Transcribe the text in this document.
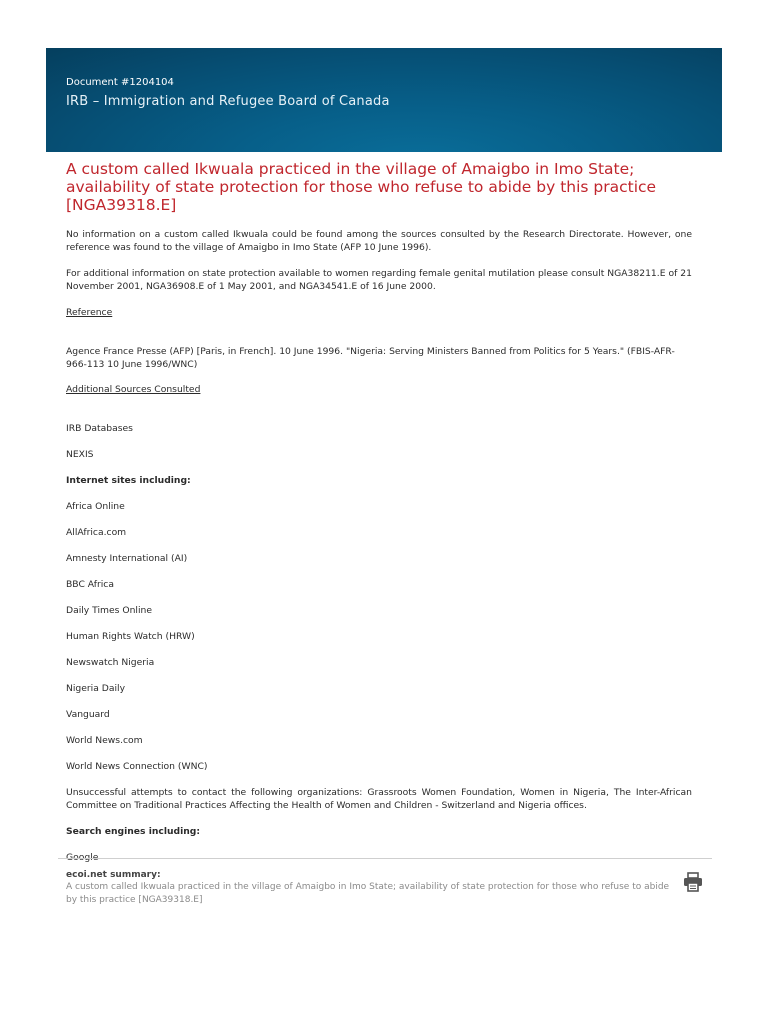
Document #1204104
IRB – Immigration and Refugee Board of Canada
A custom called Ikwuala practiced in the village of Amaigbo in Imo State; availability of state protection for those who refuse to abide by this practice [NGA39318.E]

No information on a custom called Ikwuala could be found among the sources consulted by the Research Directorate. However, one reference was found to the village of Amaigbo in Imo State (AFP 10 June 1996).

For additional information on state protection available to women regarding female genital mutilation please consult NGA38211.E of 21 November 2001, NGA36908.E of 1 May 2001, and NGA34541.E of 16 June 2000.

Reference

Agence France Presse (AFP) [Paris, in French]. 10 June 1996. "Nigeria: Serving Ministers Banned from Politics for 5 Years." (FBIS-AFR-966-113 10 June 1996/WNC)

Additional Sources Consulted

IRB Databases

NEXIS

Internet sites including:

Africa Online

AllAfrica.com

Amnesty International (AI)

BBC Africa

Daily Times Online

Human Rights Watch (HRW)

Newswatch Nigeria

Nigeria Daily

Vanguard

World News.com

World News Connection (WNC)

Unsuccessful attempts to contact the following organizations: Grassroots Women Foundation, Women in Nigeria, The Inter-African Committee on Traditional Practices Affecting the Health of Women and Children - Switzerland and Nigeria offices.

Search engines including:

Google

ecoi.net summary:
A custom called Ikwuala practiced in the village of Amaigbo in Imo State; availability of state protection for those who refuse to abide by this practice [NGA39318.E]
